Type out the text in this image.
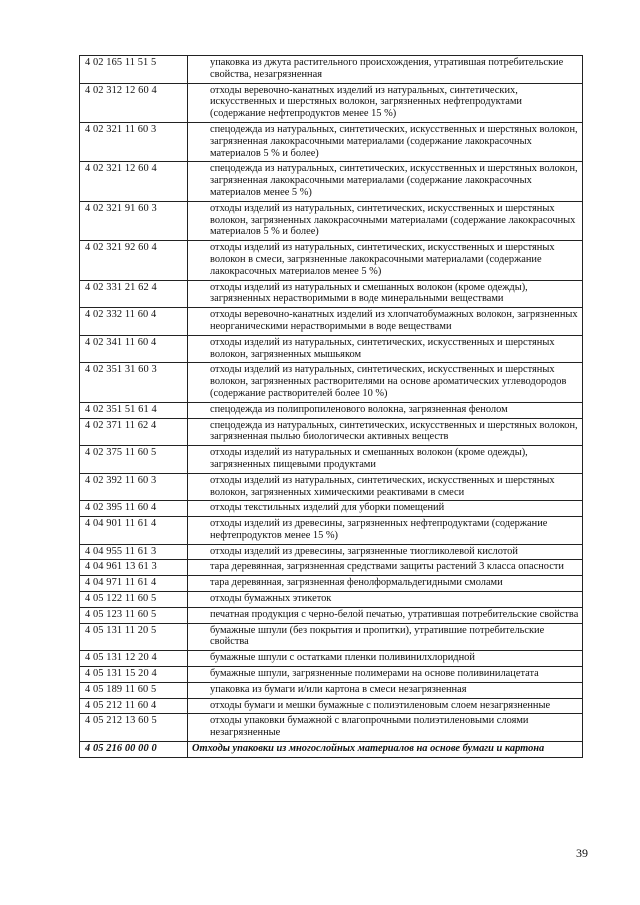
4 02 165 11 51 5	упаковка из джута растительного происхождения, утратившая потребительские свойства, незагрязненная
4 02 312 12 60 4	отходы веревочно-канатных изделий из натуральных, синтетических, искусственных и шерстяных волокон, загрязненных нефтепродуктами (содержание нефтепродуктов менее 15 %)
4 02 321 11 60 3	спецодежда из натуральных, синтетических, искусственных и шерстяных волокон, загрязненная лакокрасочными материалами (содержание лакокрасочных материалов 5 % и более)
4 02 321 12 60 4	спецодежда из натуральных, синтетических, искусственных и шерстяных волокон, загрязненная лакокрасочными материалами (содержание лакокрасочных материалов менее 5 %)
4 02 321 91 60 3	отходы изделий из натуральных, синтетических, искусственных и шерстяных волокон, загрязненных лакокрасочными материалами (содержание лакокрасочных материалов 5 % и более)
4 02 321 92 60 4	отходы изделий из натуральных, синтетических, искусственных и шерстяных волокон в смеси, загрязненные лакокрасочными материалами (содержание лакокрасочных материалов менее 5 %)
4 02 331 21 62 4	отходы изделий из натуральных и смешанных волокон (кроме одежды), загрязненных нерастворимыми в воде минеральными веществами
4 02 332 11 60 4	отходы веревочно-канатных изделий из хлопчатобумажных волокон, загрязненных неорганическими нерастворимыми в воде веществами
4 02 341 11 60 4	отходы изделий из натуральных, синтетических, искусственных и шерстяных волокон, загрязненных мышьяком
4 02 351 31 60 3	отходы изделий из натуральных, синтетических, искусственных и шерстяных волокон, загрязненных растворителями на основе ароматических углеводородов (содержание растворителей более 10 %)
4 02 351 51 61 4	спецодежда из полипропиленового волокна, загрязненная фенолом
4 02 371 11 62 4	спецодежда из натуральных, синтетических, искусственных и шерстяных волокон, загрязненная пылью биологически активных веществ
4 02 375 11 60 5	отходы изделий из натуральных и смешанных волокон (кроме одежды), загрязненных пищевыми продуктами
4 02 392 11 60 3	отходы изделий из натуральных, синтетических, искусственных и шерстяных волокон, загрязненных химическими реактивами в смеси
4 02 395 11 60 4	отходы текстильных изделий для уборки помещений
4 04 901 11 61 4	отходы изделий из древесины, загрязненных нефтепродуктами (содержание нефтепродуктов менее 15 %)
4 04 955 11 61 3	отходы изделий из древесины, загрязненные тиогликолевой кислотой
4 04 961 13 61 3	тара деревянная, загрязненная средствами защиты растений 3 класса опасности
4 04 971 11 61 4	тара деревянная, загрязненная фенолформальдегидными смолами
4 05 122 11 60 5	отходы бумажных этикеток
4 05 123 11 60 5	печатная продукция с черно-белой печатью, утратившая потребительские свойства
4 05 131 11 20 5	бумажные шпули (без покрытия и пропитки), утратившие потребительские свойства
4 05 131 12 20 4	бумажные шпули с остатками пленки поливинилхлоридной
4 05 131 15 20 4	бумажные шпули, загрязненные полимерами на основе поливинилацетата
4 05 189 11 60 5	упаковка из бумаги и/или картона в смеси незагрязненная
4 05 212 11 60 4	отходы бумаги и мешки бумажные с полиэтиленовым слоем незагрязненные
4 05 212 13 60 5	отходы упаковки бумажной с влагопрочными полиэтиленовыми слоями незагрязненные
4 05 216 00 00 0	Отходы упаковки из многослойных материалов на основе бумаги и картона
39
